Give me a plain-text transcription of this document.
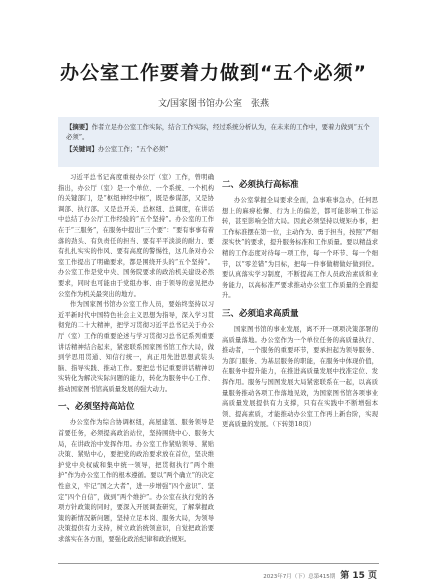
办公室工作要着力做到“五个必须”
文/国家图书馆办公室　张燕

【摘要】作者立足办公室工作实际，结合工作实际，经过系统分析认为，在未来的工作中，要着力做到“五个必须”。

【关键词】办公室工作；“五个必须”

习近平总书记高度重视办公厅（室）工作，曾明确指出，办公厅（室）是一个单位、一个系统、一个机构的关键部门，是“枢纽神经中枢”，既是参谋部，又是协调部、执行部。又是总开关、总枢纽、总调度，在讲话中总结了办公厅工作经验的“五个坚持”。办公室的工作在于“三服务”，在服务中提出“三个要”：“要有事事有着落的劲头、有负责任的担当、要有平平淡淡的耐力、要有扎扎实实的作风、要有高度的警惕性，这几条对办公室工作提出了明确要求，都是围绕开头的“五个坚持”。办公室工作是党中央、国务院要求的政治机关建设必然要求，同时也可能由于党组办事、由于领导的意见把办公室作为机关最突出的地方。

作为国家图书馆办公室工作人员，要始终坚持以习近平新时代中国特色社会主义思想为指导，深入学习贯彻党的二十大精神，把学习贯彻习近平总书记关于办公厅（室）工作的重要论述与学习贯彻习总书记系列重要讲话精神结合起来，紧密联系国家图书馆工作大局，做到学思用贯通、知信行统一，真正用先进思想武装头脑、指导实践、推动工作。要把总书记重要讲话精神切实转化为解决实际问题的能力，转化为服务中心工作、推动国家图书馆高质量发展的强大动力。

一、必须坚持高站位

办公室作为综合协调枢纽，高屋建瓴、服务领导是首要任务，必须提高政治站位，坚持围绕中心、服务大局，在讲政治中发挥作用。办公室工作紧贴领导、紧贴决策、紧贴中心，要把党的政治要求放在首位，坚决维护党中央权威和集中统一领导，把贯彻执行“两个维护”作为办公室工作的根本遵循。要以“两个确立”的决定性意义，牢记“国之大者”，进一步增强“四个意识”、坚定“四个自信”，做到“两个维护”。办公室在执行党的各项方针政策的同时，要深入开展调查研究，了解掌握政策的新情况新问题，坚持立足本岗、服务大局，为领导决策提供有力支持，树立政治统领意识，自觉把政治要求落实在各方面，要强化政治纪律和政治规矩。

二、必须执行高标准

办公室掌握全局要求全面，急事难事急办，任何思想上的麻痹松懈、行为上的偏差，都可能影响工作运转，甚至影响全馆大局。因此必须坚持以规矩办事，把工作标准摆在第一位，主动作为、勇于担当，按照“严细深实快”的要求，提升服务标准和工作质量。要以精益求精的工作态度对待每一项工作，每一个环节、每一个细节，以“零差错”为目标，把每一件事做精做好做到位。要认真落实学习制度，不断提高工作人员政治素质和业务能力，以高标准严要求推动办公室工作质量的全面提升。

三、必须追求高质量

国家图书馆的事业发展，离不开一项项决策部署的高质量落地。办公室作为一个单位任务的高质量执行、推动者，一个服务的重要环节，要承担起为领导服务、为部门服务、为基层服务的职能，在服务中体现价值，在服务中提升能力，在推进高质量发展中找准定位、发挥作用。服务与国图发展大局紧密联系在一起，以高质量服务推动各项工作落地见效，为国家图书馆各项事业高质量发展提供有力支撑，只有在实践中不断增强本领、提高素质，才能推动办公室工作再上新台阶，实现更高质量的发展。（下转第18页）

2023年7月（下）总第415期 第 15 页
